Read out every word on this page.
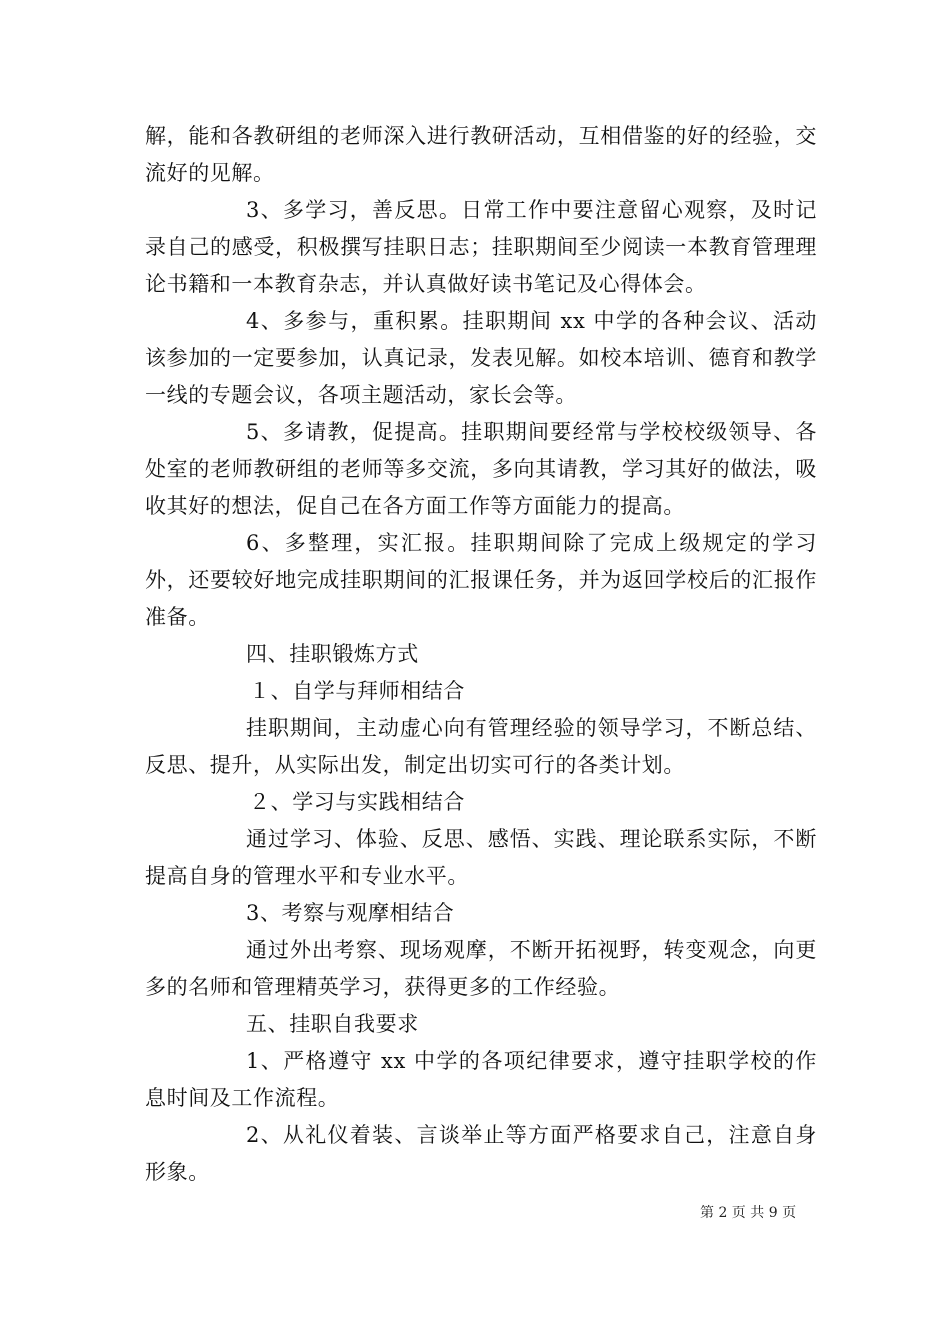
解，能和各教研组的老师深入进行教研活动，互相借鉴的好的经验，交流好的见解。

3、多学习，善反思。日常工作中要注意留心观察，及时记录自己的感受，积极撰写挂职日志；挂职期间至少阅读一本教育管理理论书籍和一本教育杂志，并认真做好读书笔记及心得体会。

4、多参与，重积累。挂职期间 xx 中学的各种会议、活动该参加的一定要参加，认真记录，发表见解。如校本培训、德育和教学一线的专题会议，各项主题活动，家长会等。

5、多请教，促提高。挂职期间要经常与学校校级领导、各处室的老师教研组的老师等多交流，多向其请教，学习其好的做法，吸收其好的想法，促自己在各方面工作等方面能力的提高。

6、多整理，实汇报。挂职期间除了完成上级规定的学习外，还要较好地完成挂职期间的汇报课任务，并为返回学校后的汇报作准备。

四、挂职锻炼方式

１、自学与拜师相结合

挂职期间，主动虚心向有管理经验的领导学习，不断总结、反思、提升，从实际出发，制定出切实可行的各类计划。

２、学习与实践相结合

通过学习、体验、反思、感悟、实践、理论联系实际，不断提高自身的管理水平和专业水平。

3、考察与观摩相结合

通过外出考察、现场观摩，不断开拓视野，转变观念，向更多的名师和管理精英学习，获得更多的工作经验。

五、挂职自我要求

1、严格遵守 xx 中学的各项纪律要求，遵守挂职学校的作息时间及工作流程。

2、从礼仪着装、言谈举止等方面严格要求自己，注意自身形象。

第 2 页 共 9 页
